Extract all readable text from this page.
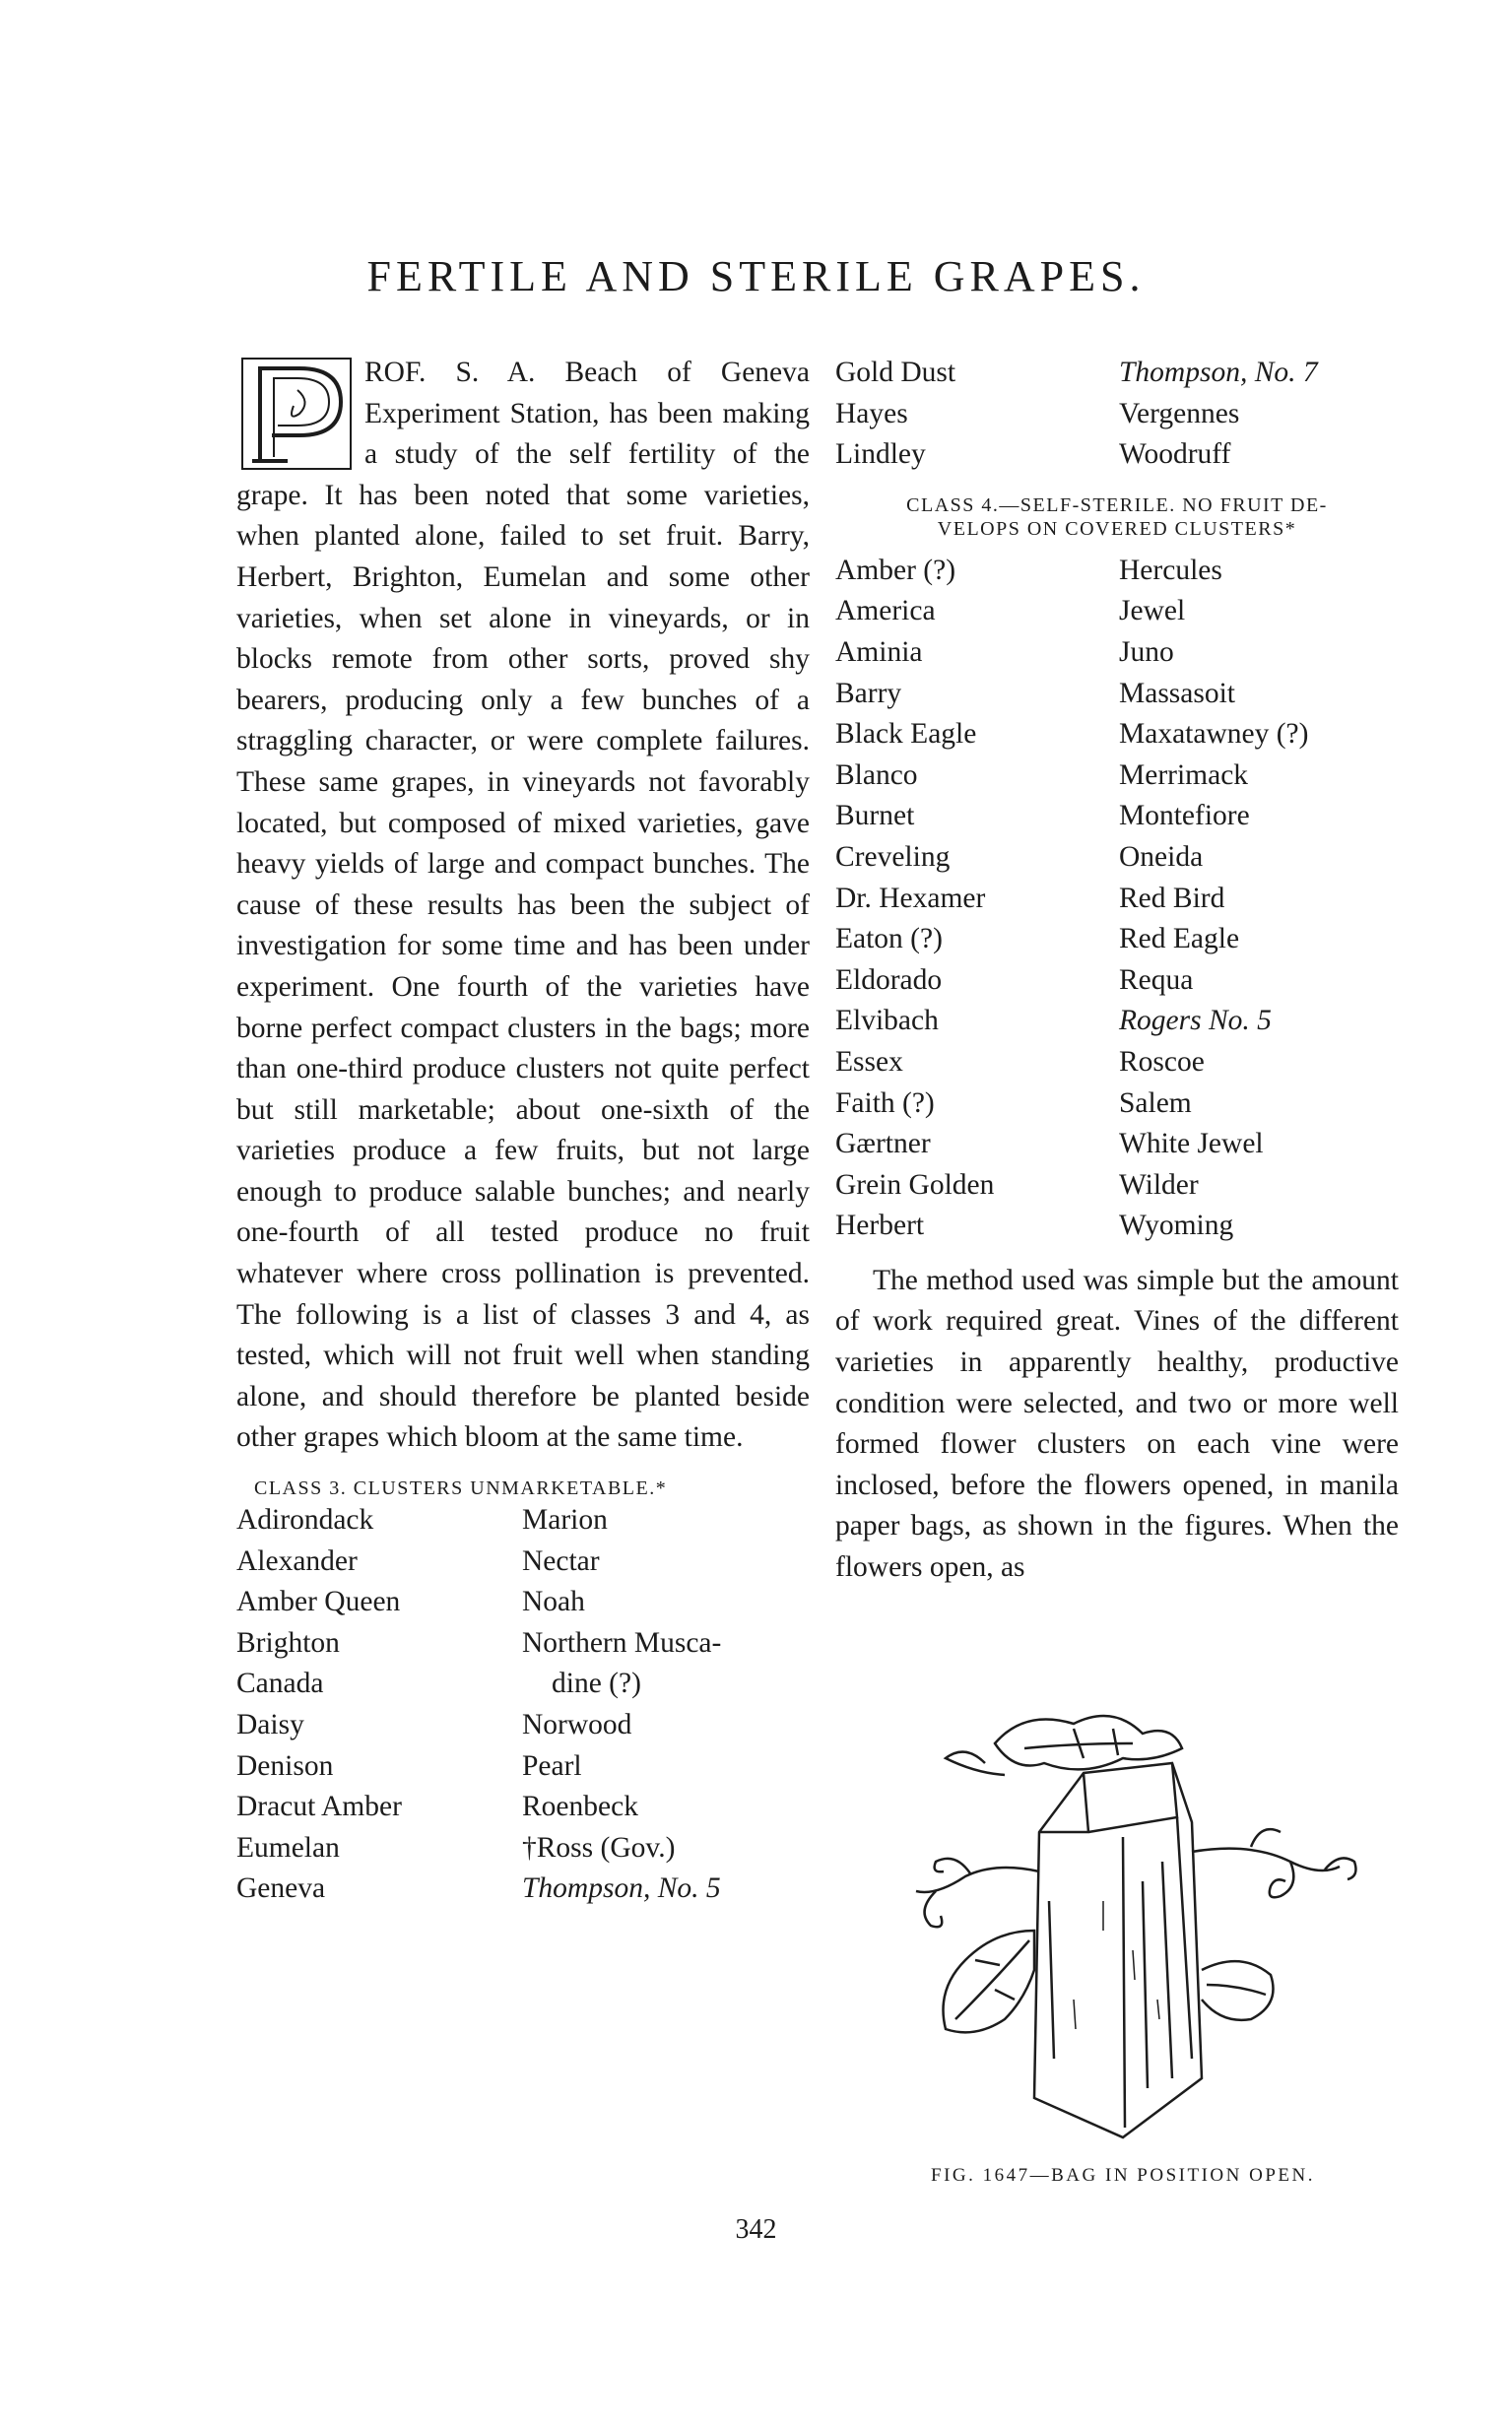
FERTILE AND STERILE GRAPES.

P
ROF. S. A. Beach of Geneva Experiment Station, has been making a study of the self fertility of the grape. It has been noted that some varieties, when planted alone, failed to set fruit. Barry, Herbert, Brighton, Eumelan and some other varieties, when set alone in vineyards, or in blocks remote from other sorts, proved shy bearers, producing only a few bunches of a straggling character, or were complete failures. These same grapes, in vineyards not favorably located, but composed of mixed varieties, gave heavy yields of large and compact bunches. The cause of these results has been the subject of investigation for some time and has been under experiment. One fourth of the varieties have borne perfect compact clusters in the bags; more than one-third produce clusters not quite perfect but still marketable; about one-sixth of the varieties produce a few fruits, but not large enough to produce salable bunches; and nearly one-fourth of all tested produce no fruit whatever where cross pollination is prevented. The following is a list of classes 3 and 4, as tested, which will not fruit well when standing alone, and should therefore be planted beside other grapes which bloom at the same time.

CLASS 3. CLUSTERS UNMARKETABLE.*

Adirondack	Marion
Alexander	Nectar
Amber Queen	Noah
Brighton	Northern Musca-
Canada	dine (?)
Daisy	Norwood
Denison	Pearl
Dracut Amber	Roenbeck
Eumelan	†Ross (Gov.)
Geneva	Thompson, No. 5
Gold Dust	Thompson, No. 7
Hayes	Vergennes
Lindley	Woodruff

CLASS 4.—SELF-STERILE. NO FRUIT DE-

VELOPS ON COVERED CLUSTERS*

Amber (?)	Hercules
America	Jewel
Aminia	Juno
Barry	Massasoit
Black Eagle	Maxatawney (?)
Blanco	Merrimack
Burnet	Montefiore
Creveling	Oneida
Dr. Hexamer	Red Bird
Eaton (?)	Red Eagle
Eldorado	Requa
Elvibach	Rogers No. 5
Essex	Roscoe
Faith (?)	Salem
Gærtner	White Jewel
Grein Golden	Wilder
Herbert	Wyoming

The method used was simple but the amount of work required great. Vines of the different varieties in apparently healthy, productive condition were selected, and two or more well formed flower clusters on each vine were inclosed, before the flowers opened, in manila paper bags, as shown in the figures. When the flowers open, as

FIG. 1647—BAG IN POSITION OPEN.
342
